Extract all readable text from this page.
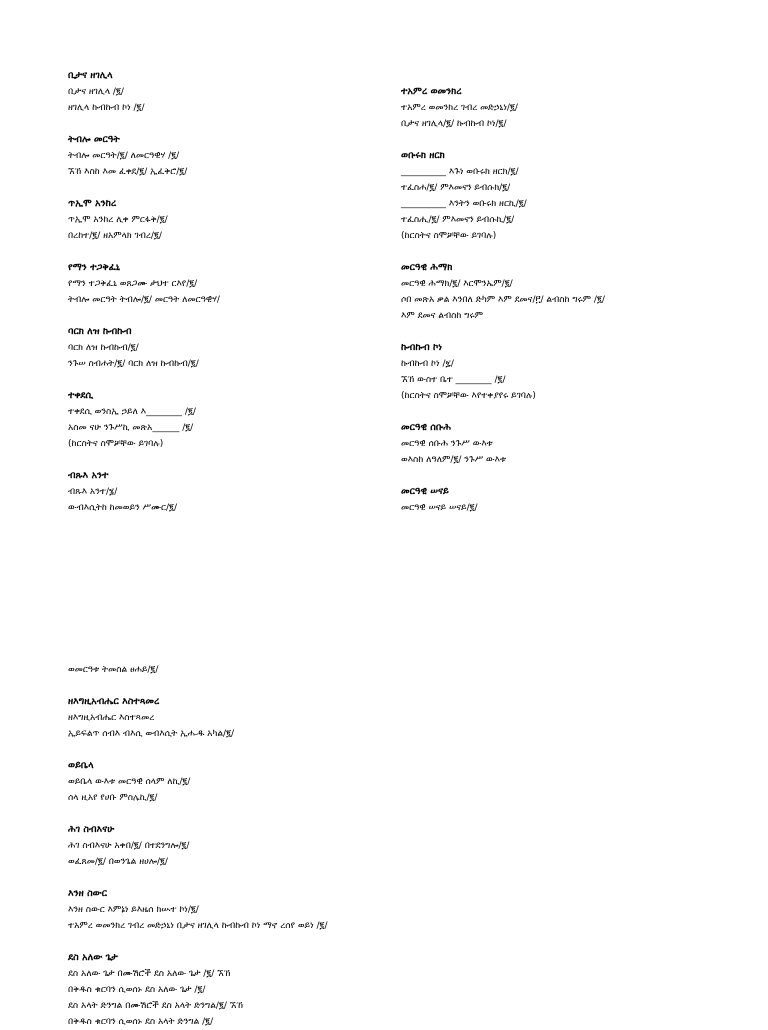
ቢታና ዘገሊላ
ቢታና ዘገሊላ /፪/
ዘገሊላ ኩብኩብ ኮነ /፪/
ትብሎ መርዓት
ትብሎ መርዓት/፪/ ለመርዓዊሃ /፪/
ኧኸ እስከ እመ ፈቀደ/፪/ ኢፈቅሮ/፪/
ጥኢሞ አንከረ
ጥኢሞ አንከረ ሊቀ ምርፋቅ/፪/
በረከተ/፪/ ዘአምላክ ገብረ/፪/
የማን ተጋቅፈኒ
የማን ተጋቅፈኒ ወጸጋሙ ታህተ ርእየ/፪/
ትብሎ መርዓት ትብሎ/፪/ መርዓት ለመርዓዊሃ/
ባርክ ለዝ ኩብኩብ
ባርክ ለዝ ኩብኩብ/፪/
ንጉሠ ስብሐት/፪/ ባርክ ለዝ ኩብኩብ/፪/
ተቀደሲ
ተቀደሲ ወንስኢ ኃይለ እ________ /፪/
አስመ ናሁ ንጉሥኪ መጽአ______ /፪/
(ከርስትና ስሞቻቸው ይገባሉ)
ብጹእ አንተ
ብጹእ አንተ/፮/
ውብእሲትከ ከመወይን ሥሙር/፪/
ተአምረ ወመንክረ
ተአምረ ወመንክረ ገብረ መድኃኒነ/፪/
ቢታና ዘገሊላ/፪/ ኩብኩብ ኮነ/፪/
ወቡሩክ ዘርክ
__________ እጉነ ወቡሩክ ዘርክ/፪/
ተፈስሐ/፪/ ምእመናን ይብሱክ/፪/
__________ እንትን ወቡሩክ ዘርኪ/፪/
ተፈስሒ/፪/ ምእመናን ይብሱኪ/፪/
(ከርስትና ስሞቻቸው ይገባሉ)
መርዓዊ ሕማክ
መርዓዊ ሕማክ/፪/ እርሞንኤም/፪/
ሶበ መጽአ ቃል እንበለ ድካም እም ደመና/፫/ ልብስከ ግሩም /፪/
እም ደመና ልብስከ ግሩም
ኩብኩብ ኮነ
ኩብኩብ ኮነ /፯/
ኧኸ ውስተ ቤተ ________ /፪/
(ከርስትና ስሞቻቸው እየተቀያየሩ ይገባሉ)
መርዓዊ ሰቡሕ
መርዓዊ ሰቡሕ ንጉሥ ውእቱ
ወእስከ ለዓለም/፪/ ንጉሥ ውእቱ
መርዓዊ ሠናይ
መርዓዊ ሠናይ ሠናይ/፪/
ወመርዓቱ ትመስል ፀሐይ/፪/
ዘእግዚአብሔር እስተጻመረ
ዘእግዚአብሔር እስተጻመረ
ኢይፍልጥ ሰብእ ብእሲ ወብእሲት ኢሑዱ አካል/፪/
ወይቤላ
ወይቤላ ውእቱ መርዓዊ ሰላም ለኪ/፪/
ሰላ ዚአየ የሀቡ ምስሌኪ/፪/
ሕገ ስብእናሁ
ሕገ ስብእናሁ አቀበ/፪/ በተደንግሎ/፪/
ወፈጸመ/፪/ በወንጌል ዘሀሎ/፪/
እንዘ ስውር
እንዘ ስውር እምኔነ ይእዜሰ ክሡተ ኮነ/፪/
ተአምረ ወመንክረ ገብረ መድኃኒነ ቢታና ዘገሊላ ኩብኩብ ኮነ ማኖ ረሰየ ወይነ /፪/
ደስ አለው ጌታ
ደስ አለው ጌታ በሙሽሮች ደስ አለው ጌታ /፪/ ኧኸ
በቅዱስ ቁርባን ሲወሰኑ ደስ አለው ጌታ /፪/
ደስ አላት ድንግል በሙሽሮች ደስ አላት ድንግል/፪/ ኧኸ
በቅዱስ ቁርባን ሲወሰኑ ደስ አላት ድንግል /፪/
